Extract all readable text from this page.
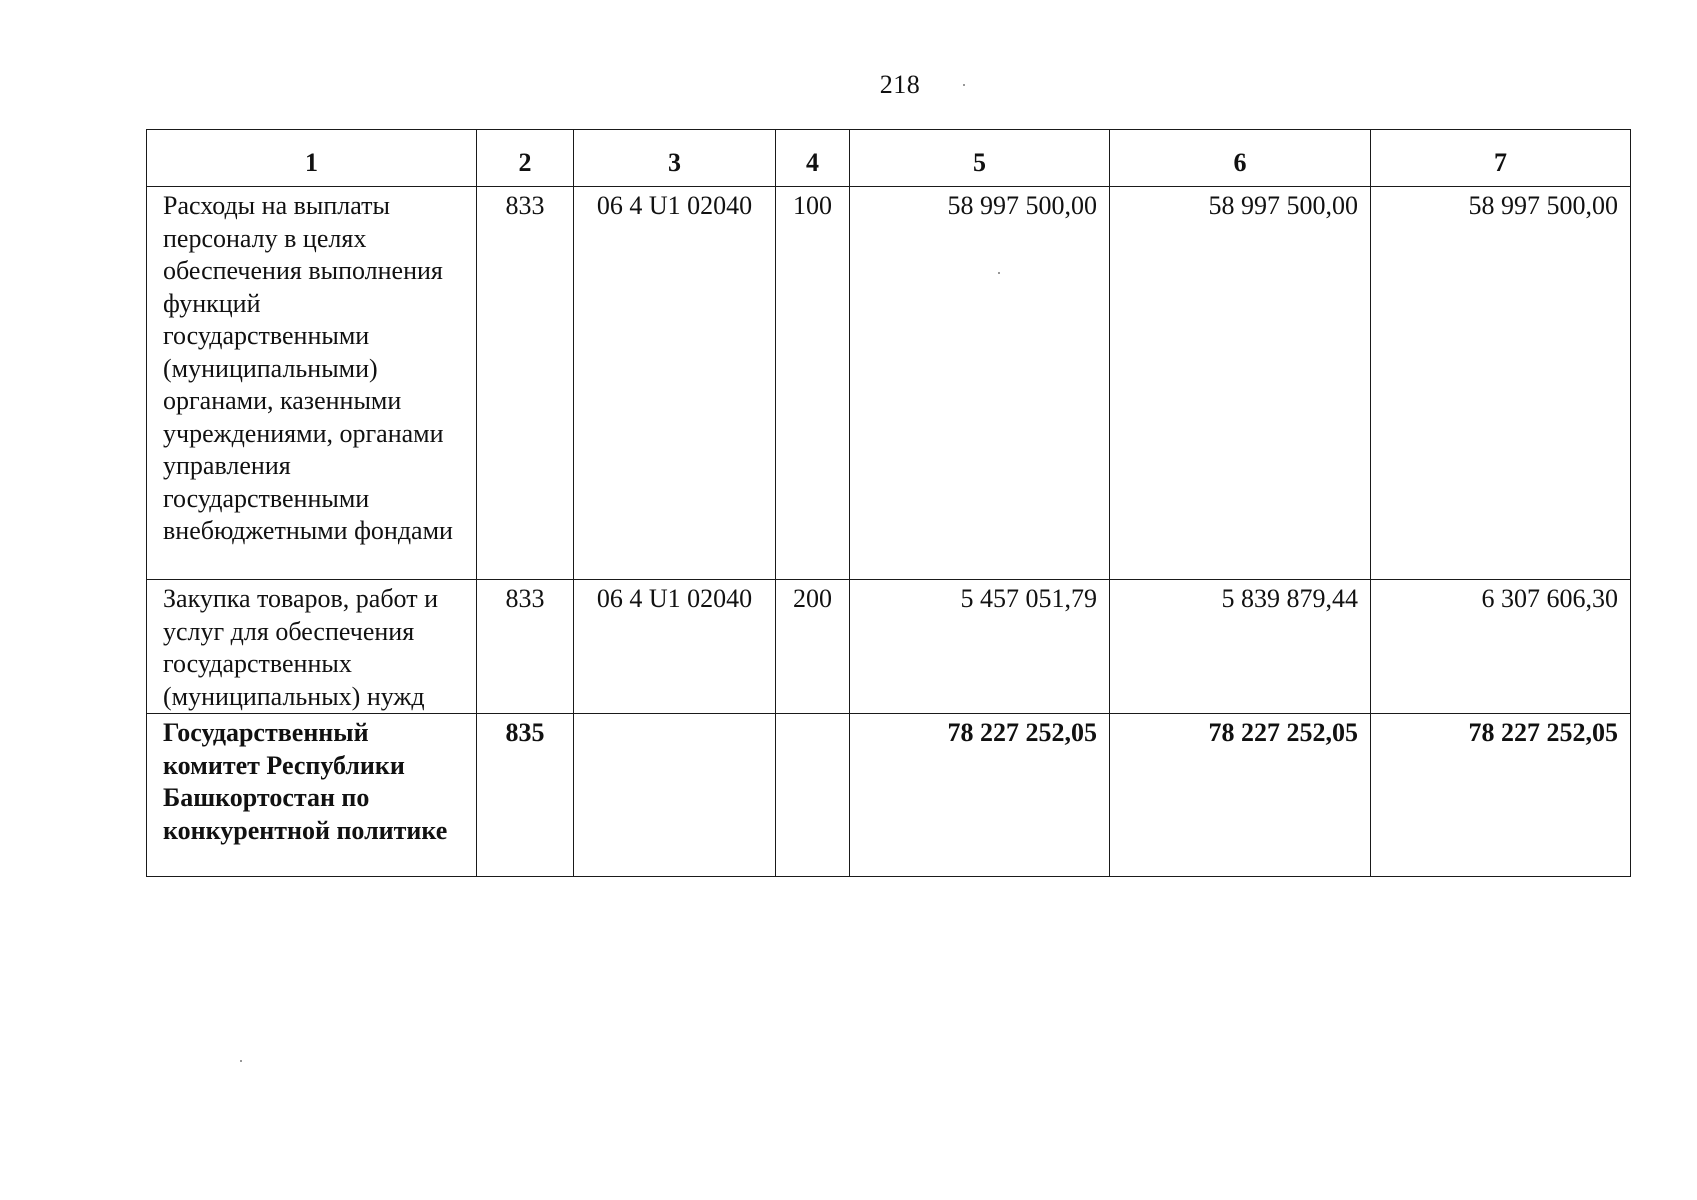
218
1	2	3	4	5	6	7
Расходы на выплаты персоналу в целях обеспечения выполнения функций государственными (муниципальными) органами, казенными учреждениями, органами управления государственными внебюджетными фондами	833	06 4 U1 02040	100	58 997 500,00	58 997 500,00	58 997 500,00
Закупка товаров, работ и услуг для обеспечения государственных (муниципальных) нужд	833	06 4 U1 02040	200	5 457 051,79	5 839 879,44	6 307 606,30
Государственный комитет Республики Башкортостан по конкурентной политике	835			78 227 252,05	78 227 252,05	78 227 252,05
